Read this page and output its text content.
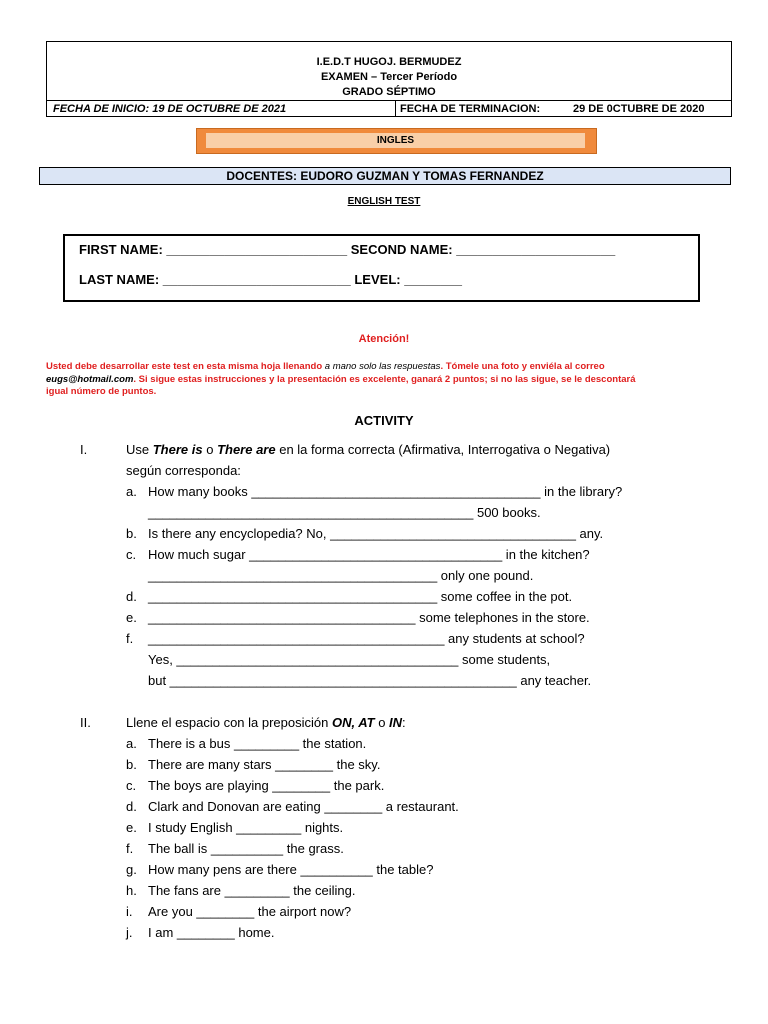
I.E.D.T HUGOJ. BERMUDEZ
EXAMEN – Tercer Período
GRADO SÉPTIMO
FECHA DE INICIO: 19 DE OCTUBRE DE 2021	FECHA DE TERMINACION:	29 DE 0CTUBRE DE 2020
INGLES
DOCENTES: EUDORO GUZMAN Y TOMAS FERNANDEZ
ENGLISH TEST
FIRST NAME: _________________________ SECOND NAME: ______________________
LAST NAME: __________________________ LEVEL: ________
Atención!
Usted debe desarrollar este test en esta misma hoja llenando a mano solo las respuestas. Tómele una foto y enviéla al correo
eugs@hotmail.com. Si sigue estas instrucciones y la presentación es excelente, ganará 2 puntos; si no las sigue, se le descontará
igual número de puntos.
ACTIVITY
I.	Use There is o There are en la forma correcta (Afirmativa, Interrogativa o Negativa)
según corresponda:
a. How many books ________________________________________ in the library?
_____________________________________________ 500 books.
b. Is there any encyclopedia? No, __________________________________ any.
c. How much sugar ___________________________________ in the kitchen?
________________________________________ only one pound.
d. ________________________________________ some coffee in the pot.
e. _____________________________________ some telephones in the store.
f. _________________________________________ any students at school?
Yes, _______________________________________ some students,
but ________________________________________________ any teacher.
II.	Llene el espacio con la preposición ON, AT o IN:
a. There is a bus _________ the station.
b. There are many stars ________ the sky.
c. The boys are playing ________ the park.
d. Clark and Donovan are eating ________ a restaurant.
e. I study English _________ nights.
f. The ball is __________ the grass.
g. How many pens are there __________ the table?
h. The fans are _________ the ceiling.
i. Are you ________ the airport now?
j. I am ________ home.
